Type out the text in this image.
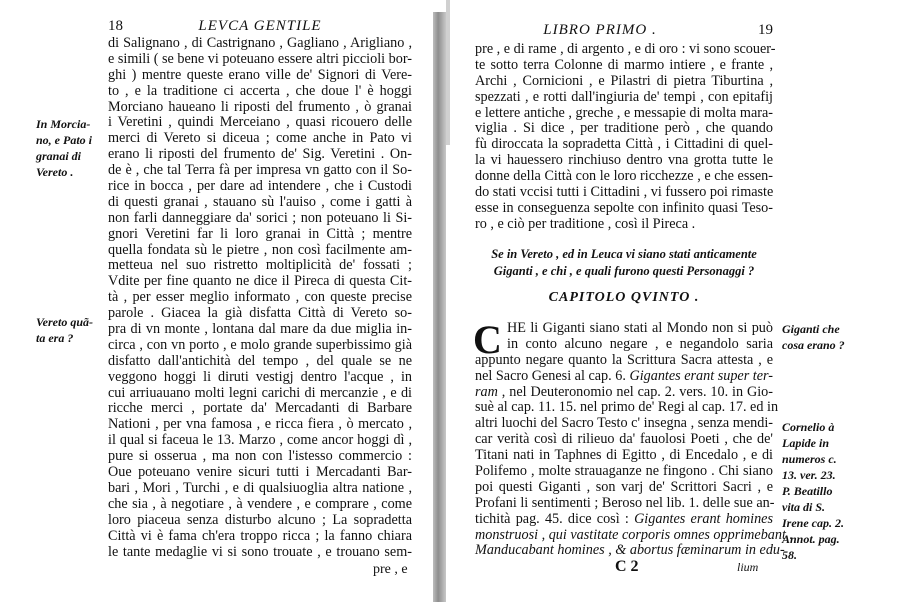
18	LEVCA GENTILE
di Salignano , di Castrignano , Gagliano , Arigliano ,
e simili ( se bene vi poteuano essere altri piccioli bor-
ghi ) mentre queste erano ville de' Signori di Vere-
to , e la traditione ci accerta , che doue l' è hoggi
Morciano haueano li riposti del frumento , ò granai
i Veretini , quindi Merceiano , quasi ricouero delle
merci di Vereto si diceua ; come anche in Pato vi
erano li riposti del frumento de' Sig. Veretini . On-
de è , che tal Terra fà per impresa vn gatto con il So-
rice in bocca , per dare ad intendere , che i Custodi
di questi granai , stauano sù l'auiso , come i gatti à
non farli danneggiare da' sorici ; non poteuano li Si-
gnori Veretini far li loro granai in Città ; mentre
quella fondata sù le pietre , non così facilmente am-
metteua nel suo ristretto moltiplicità de' fossati ;
Vdite per fine quanto ne dice il Pireca di questa Cit-
tà , per esser meglio informato , con queste precise
parole . Giacea la già disfatta Città di Vereto so-
pra di vn monte , lontana dal mare da due miglia in-
circa , con vn porto , e molo grande superbissimo già
disfatto dall'antichità del tempo , del quale se ne
veggono hoggi li diruti vestigj dentro l'acque , in
cui arriuauano molti legni carichi di mercanzie , e di
ricche merci , portate da' Mercadanti di Barbare
Nationi , per vna famosa , e ricca fiera , ò mercato ,
il qual si faceua le 13. Marzo , come ancor hoggi dì ,
pure si osserua , ma non con l'istesso commercio :
Oue poteuano venire sicuri tutti i Mercadanti Bar-
bari , Mori , Turchi , e di qualsiuoglia altra natione ,
che sia , à negotiare , à vendere , e comprare , come
loro piaceua senza disturbo alcuno ; La sopradetta
Città vi è fama ch'era troppo ricca ; la fanno chiara
le tante medaglie vi si sono trouate , e trouano sem-
pre , e
In Morcia-
no, e Pato i
granai di
Vereto .
Vereto quã-
ta era ?
LIBRO PRIMO .	19
pre , e di rame , di argento , e di oro : vi sono scouer-
te sotto terra Colonne di marmo intiere , e frante ,
Archi , Cornicioni , e Pilastri di pietra Tiburtina ,
spezzati , e rotti dall'ingiuria de' tempi , con epitafij
e lettere antiche , greche , e messapie di molta mara-
viglia . Si dice , per traditione però , che quando
fù diroccata la sopradetta Città , i Cittadini di quel-
la vi hauessero rinchiuso dentro vna grotta tutte le
donne della Città con le loro ricchezze , e che essen-
do stati vccisi tutti i Cittadini , vi fussero poi rimaste
esse in conseguenza sepolte con infinito quasi Teso-
ro , e ciò per traditione , così il Pireca .
Se in Vereto , ed in Leuca vi siano stati anticamente
Giganti , e chi , e quali furono questi Personaggi ?
CAPITOLO QVINTO .
C HE li Giganti siano stati al Mondo non si può
in conto alcuno negare , e negandolo saria
appunto negare quanto la Scrittura Sacra attesta , e
nel Sacro Genesi al cap. 6. Gigantes erant super ter-
ram , nel Deuteronomio nel cap. 2. vers. 10. in Gio-
suè al cap. 11. 15. nel primo de' Regi al cap. 17. ed in
altri luochi del Sacro Testo c' insegna , senza mendi-
car verità così di rilieuo da' fauolosi Poeti , che de'
Titani nati in Taphnes di Egitto , di Encedalo , e di
Polifemo , molte strauaganze ne fingono . Chi siano
poi questi Giganti , son varj de' Scrittori Sacri , e
Profani li sentimenti ; Beroso nel lib. 1. delle sue an-
tichità pag. 45. dice così : Gigantes erant homines
monstruosi , qui vastitate corporis omnes opprimebant .
Manducabant homines , & abortus fæminarum in edu-
C 2	lium
Giganti che
cosa erano ?
Cornelio à
Lapide in
numeros c.
13. ver. 23.
P. Beatillo
vita di S.
Irene cap. 2.
Annot. pag.
58.
